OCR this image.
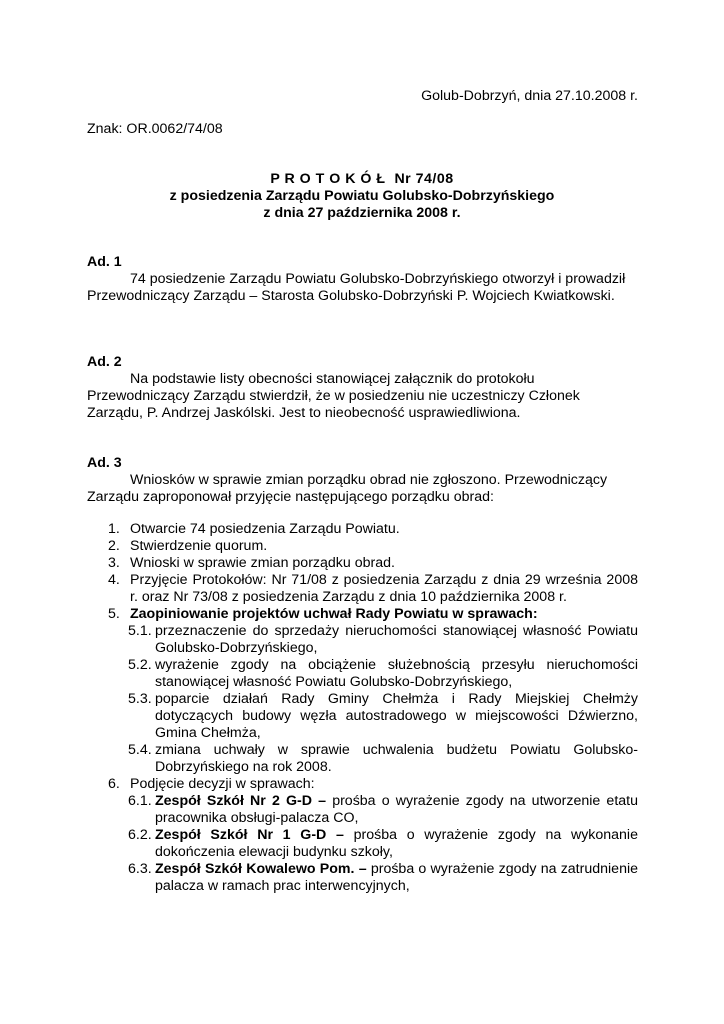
Golub-Dobrzyń, dnia 27.10.2008 r.
Znak: OR.0062/74/08
P R O T O K Ó Ł  Nr 74/08
z posiedzenia Zarządu Powiatu Golubsko-Dobrzyńskiego
z dnia 27 października 2008 r.
Ad. 1
74 posiedzenie Zarządu Powiatu Golubsko-Dobrzyńskiego otworzył i prowadził Przewodniczący Zarządu – Starosta Golubsko-Dobrzyński P. Wojciech Kwiatkowski.
Ad. 2
Na podstawie listy obecności stanowiącej załącznik do protokołu Przewodniczący Zarządu stwierdził, że w posiedzeniu nie uczestniczy Członek Zarządu, P. Andrzej Jaskólski. Jest to nieobecność usprawiedliwiona.
Ad. 3
Wniosków w sprawie zmian porządku obrad nie zgłoszono. Przewodniczący Zarządu zaproponował przyjęcie następującego porządku obrad:
1. Otwarcie 74 posiedzenia Zarządu Powiatu.
2. Stwierdzenie quorum.
3. Wnioski w sprawie zmian porządku obrad.
4. Przyjęcie Protokołów: Nr 71/08 z posiedzenia Zarządu z dnia 29 września 2008 r. oraz Nr 73/08 z posiedzenia Zarządu z dnia 10 października 2008 r.
5. Zaopiniowanie projektów uchwał Rady Powiatu w sprawach:
5.1. przeznaczenie do sprzedaży nieruchomości stanowiącej własność Powiatu Golubsko-Dobrzyńskiego,
5.2. wyrażenie zgody na obciążenie służebnością przesyłu nieruchomości stanowiącej własność Powiatu Golubsko-Dobrzyńskiego,
5.3. poparcie działań Rady Gminy Chełmża i Rady Miejskiej Chełmży dotyczących budowy węzła autostradowego w miejscowości Dźwierzno, Gmina Chełmża,
5.4. zmiana uchwały w sprawie uchwalenia budżetu Powiatu Golubsko-Dobrzyńskiego na rok 2008.
6. Podjęcie decyzji w sprawach:
6.1. Zespół Szkół Nr 2 G-D – prośba o wyrażenie zgody na utworzenie etatu pracownika obsługi-palacza CO,
6.2. Zespół Szkół Nr 1 G-D – prośba o wyrażenie zgody na wykonanie dokończenia elewacji budynku szkoły,
6.3. Zespół Szkół Kowalewo Pom. – prośba o wyrażenie zgody na zatrudnienie palacza w ramach prac interwencyjnych,
